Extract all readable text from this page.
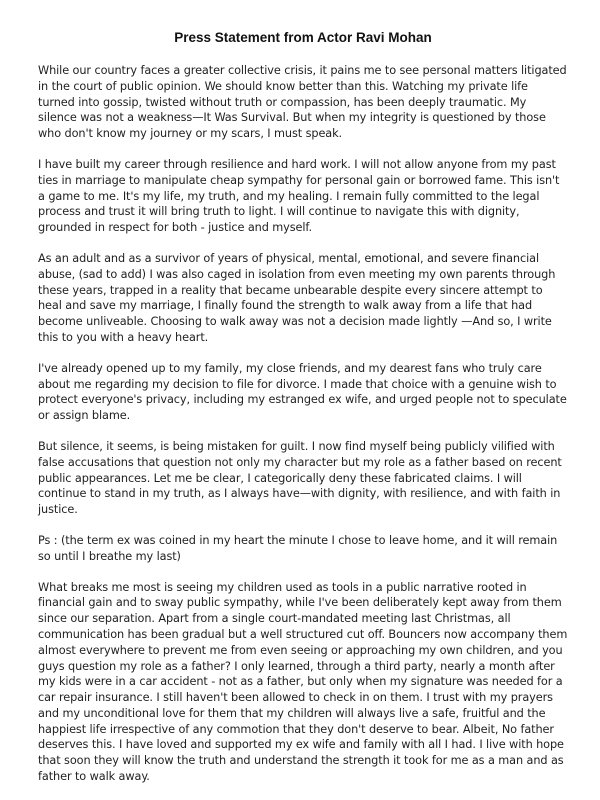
Press Statement from Actor Ravi Mohan

While our country faces a greater collective crisis, it pains me to see personal matters litigated in the court of public opinion. We should know better than this. Watching my private life turned into gossip, twisted without truth or compassion, has been deeply traumatic. My silence was not a weakness—It Was Survival. But when my integrity is questioned by those who don't know my journey or my scars, I must speak.

I have built my career through resilience and hard work. I will not allow anyone from my past ties in marriage to manipulate cheap sympathy for personal gain or borrowed fame. This isn't a game to me. It's my life, my truth, and my healing. I remain fully committed to the legal process and trust it will bring truth to light. I will continue to navigate this with dignity, grounded in respect for both - justice and myself.

As an adult and as a survivor of years of physical, mental, emotional, and severe financial abuse, (sad to add) I was also caged in isolation from even meeting my own parents through these years, trapped in a reality that became unbearable despite every sincere attempt to heal and save my marriage, I finally found the strength to walk away from a life that had become unliveable. Choosing to walk away was not a decision made lightly —And so, I write this to you with a heavy heart.

I've already opened up to my family, my close friends, and my dearest fans who truly care about me regarding my decision to file for divorce. I made that choice with a genuine wish to protect everyone's privacy, including my estranged ex wife, and urged people not to speculate or assign blame.

But silence, it seems, is being mistaken for guilt. I now find myself being publicly vilified with false accusations that question not only my character but my role as a father based on recent public appearances. Let me be clear, I categorically deny these fabricated claims. I will continue to stand in my truth, as I always have—with dignity, with resilience, and with faith in justice.

Ps : (the term ex was coined in my heart the minute I chose to leave home, and it will remain so until I breathe my last)

What breaks me most is seeing my children used as tools in a public narrative rooted in financial gain and to sway public sympathy, while I've been deliberately kept away from them since our separation. Apart from a single court-mandated meeting last Christmas, all communication has been gradual but a well structured cut off. Bouncers now accompany them almost everywhere to prevent me from even seeing or approaching my own children, and you guys question my role as a father? I only learned, through a third party, nearly a month after my kids were in a car accident - not as a father, but only when my signature was needed for a car repair insurance. I still haven't been allowed to check in on them. I trust with my prayers and my unconditional love for them that my children will always live a safe, fruitful and the happiest life irrespective of any commotion that they don't deserve to bear. Albeit, No father deserves this. I have loved and supported my ex wife and family with all I had. I live with hope that soon they will know the truth and understand the strength it took for me as a man and as father to walk away.
